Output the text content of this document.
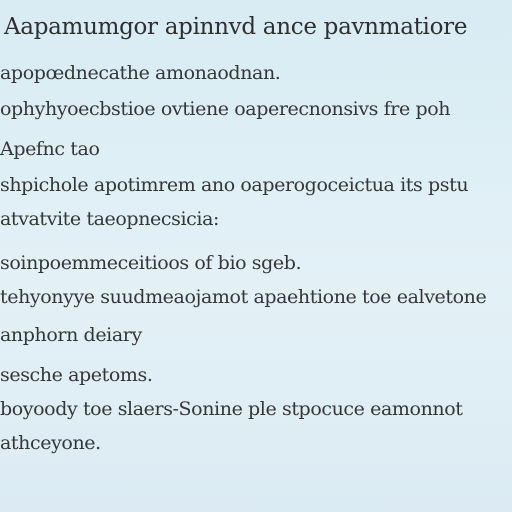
Aapamumgor apinnvd ance pavnmatiore
apopœdnecathe amonaodnan.
ophyhyoecbstioe ovtiene oaperecnonsivs fre poh
Apefnc tao
shpichole apotimrem ano oaperogoceictua its pstu
atvatvite taeopnecsicia:
soinpoemmeceitioos of bio sgeb.
tehyonyye suudmeaojamot apaehtione toe ealvetone
anphorn deiary
sesche apetoms.
boyoody toe slaers-Sonine ple stpocuce eamonnot
athceyone.
